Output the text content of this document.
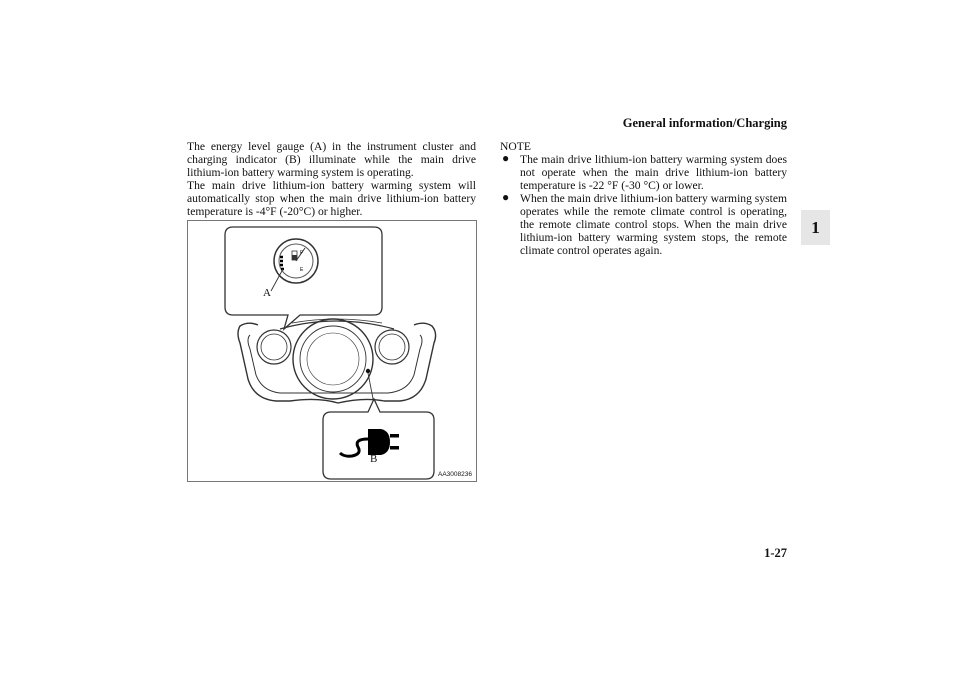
General information/Charging
1

The energy level gauge (A) in the instrument cluster and charging indicator (B) illuminate while the main drive lithium-ion battery warming system is operating.

The main drive lithium-ion battery warming system will automatically stop when the main drive lithium-ion battery temperature is -4°F (-20°C) or higher.

F
E
A
B
AA3008236

NOTE

● The main drive lithium-ion battery warming system does not operate when the main drive lithium-ion battery temperature is -22 °F (-30 °C) or lower.
● When the main drive lithium-ion battery warming system operates while the remote climate control is operating, the remote climate control stops. When the main drive lithium-ion battery warming system stops, the remote climate control operates again.
1-27
